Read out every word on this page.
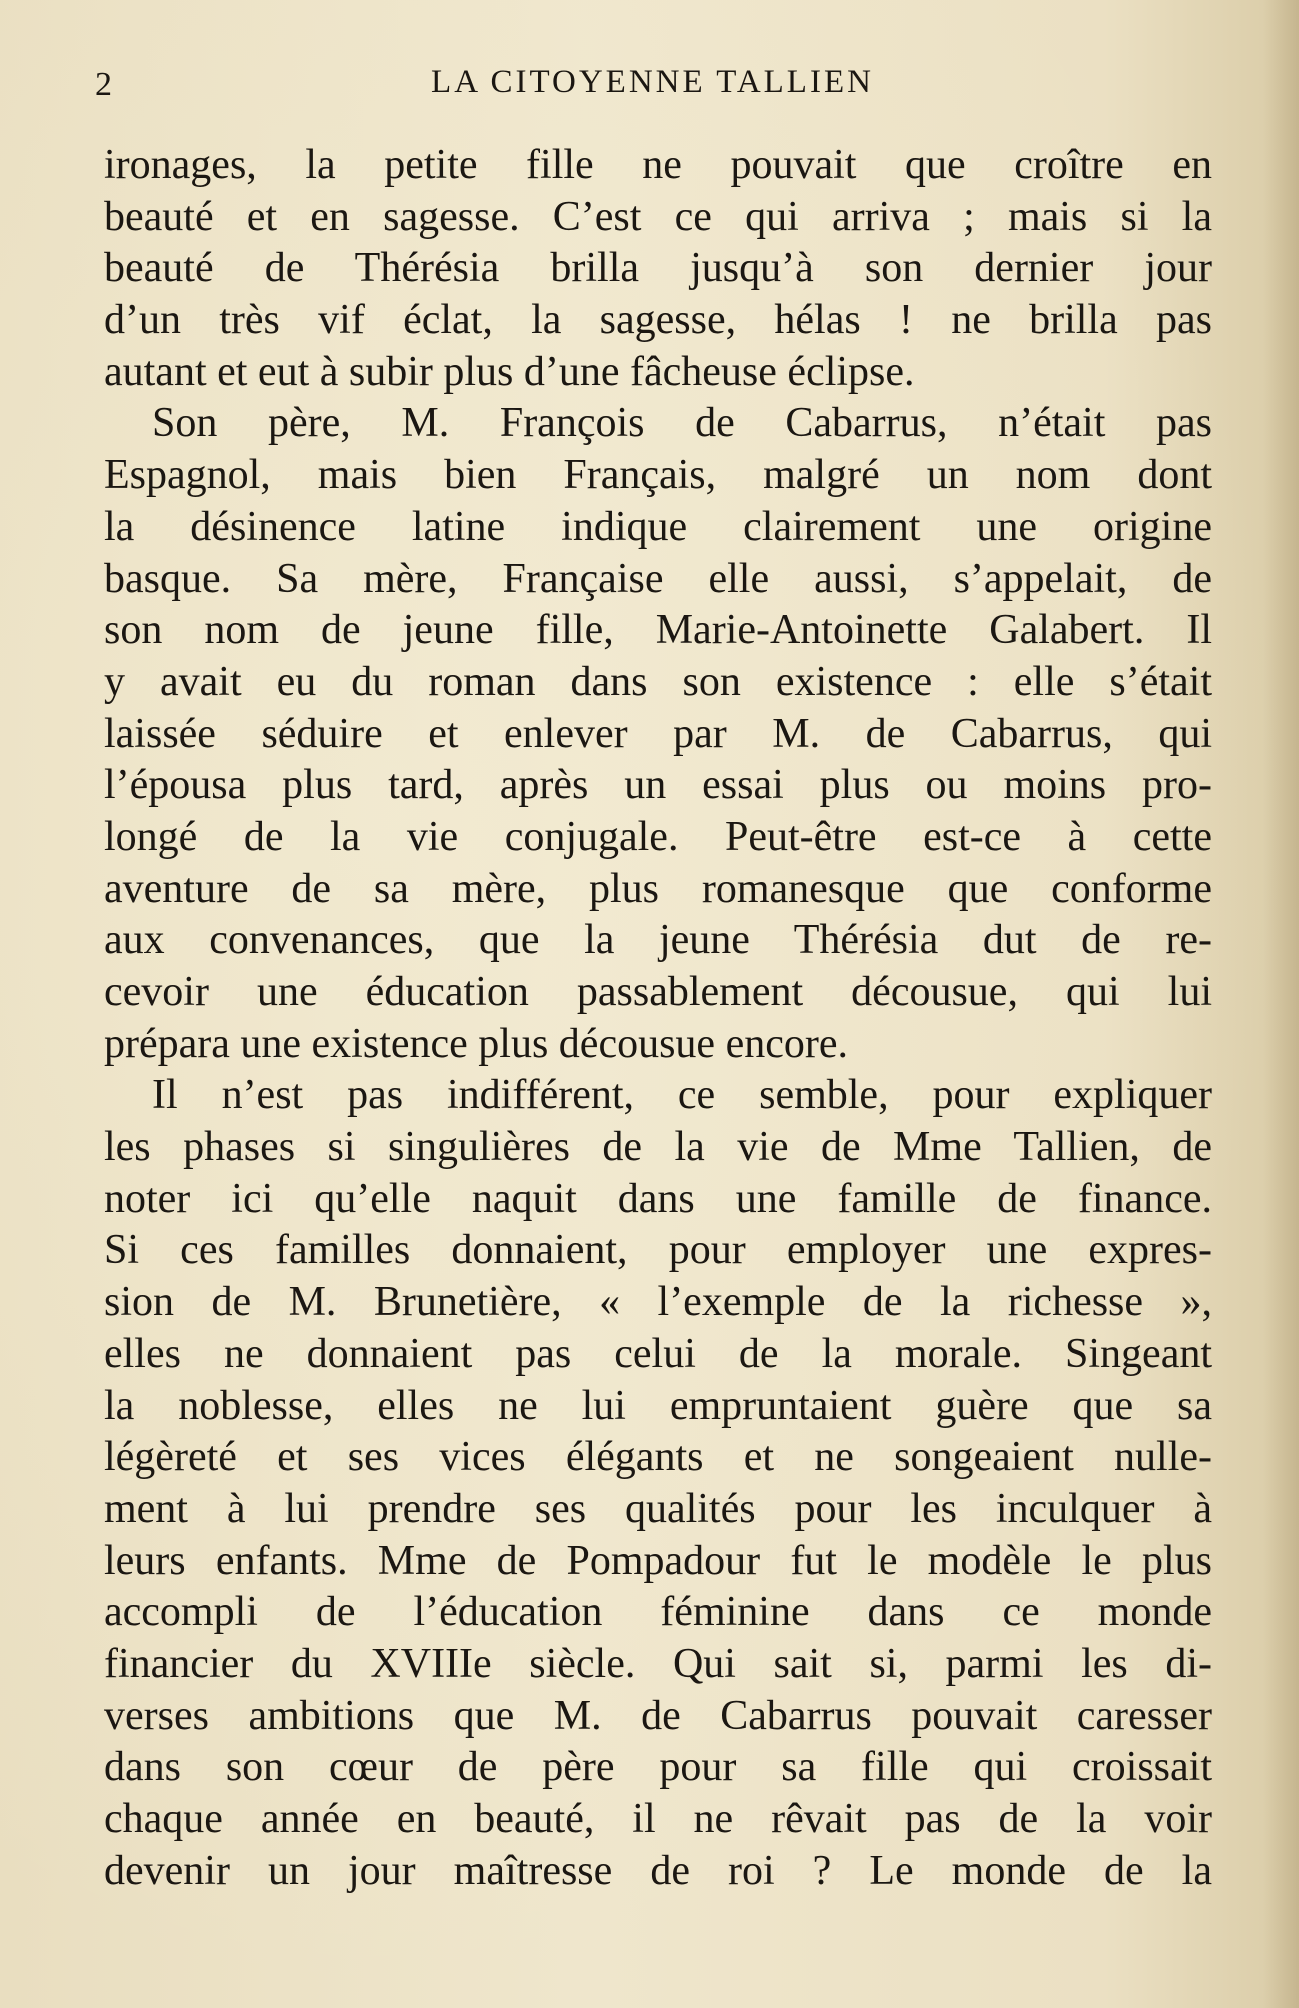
2	LA CITOYENNE TALLIEN
ironages, la petite fille ne pouvait que croître en
beauté et en sagesse. C’est ce qui arriva ; mais si la
beauté de Thérésia brilla jusqu’à son dernier jour
d’un très vif éclat, la sagesse, hélas ! ne brilla pas
autant et eut à subir plus d’une fâcheuse éclipse.
Son père, M. François de Cabarrus, n’était pas
Espagnol, mais bien Français, malgré un nom dont
la désinence latine indique clairement une origine
basque. Sa mère, Française elle aussi, s’appelait, de
son nom de jeune fille, Marie-Antoinette Galabert. Il
y avait eu du roman dans son existence : elle s’était
laissée séduire et enlever par M. de Cabarrus, qui
l’épousa plus tard, après un essai plus ou moins pro-
longé de la vie conjugale. Peut-être est-ce à cette
aventure de sa mère, plus romanesque que conforme
aux convenances, que la jeune Thérésia dut de re-
cevoir une éducation passablement décousue, qui lui
prépara une existence plus décousue encore.
Il n’est pas indifférent, ce semble, pour expliquer
les phases si singulières de la vie de Mme Tallien, de
noter ici qu’elle naquit dans une famille de finance.
Si ces familles donnaient, pour employer une expres-
sion de M. Brunetière, « l’exemple de la richesse »,
elles ne donnaient pas celui de la morale. Singeant
la noblesse, elles ne lui empruntaient guère que sa
légèreté et ses vices élégants et ne songeaient nulle-
ment à lui prendre ses qualités pour les inculquer à
leurs enfants. Mme de Pompadour fut le modèle le plus
accompli de l’éducation féminine dans ce monde
financier du XVIIIe siècle. Qui sait si, parmi les di-
verses ambitions que M. de Cabarrus pouvait caresser
dans son cœur de père pour sa fille qui croissait
chaque année en beauté, il ne rêvait pas de la voir
devenir un jour maîtresse de roi ? Le monde de la
